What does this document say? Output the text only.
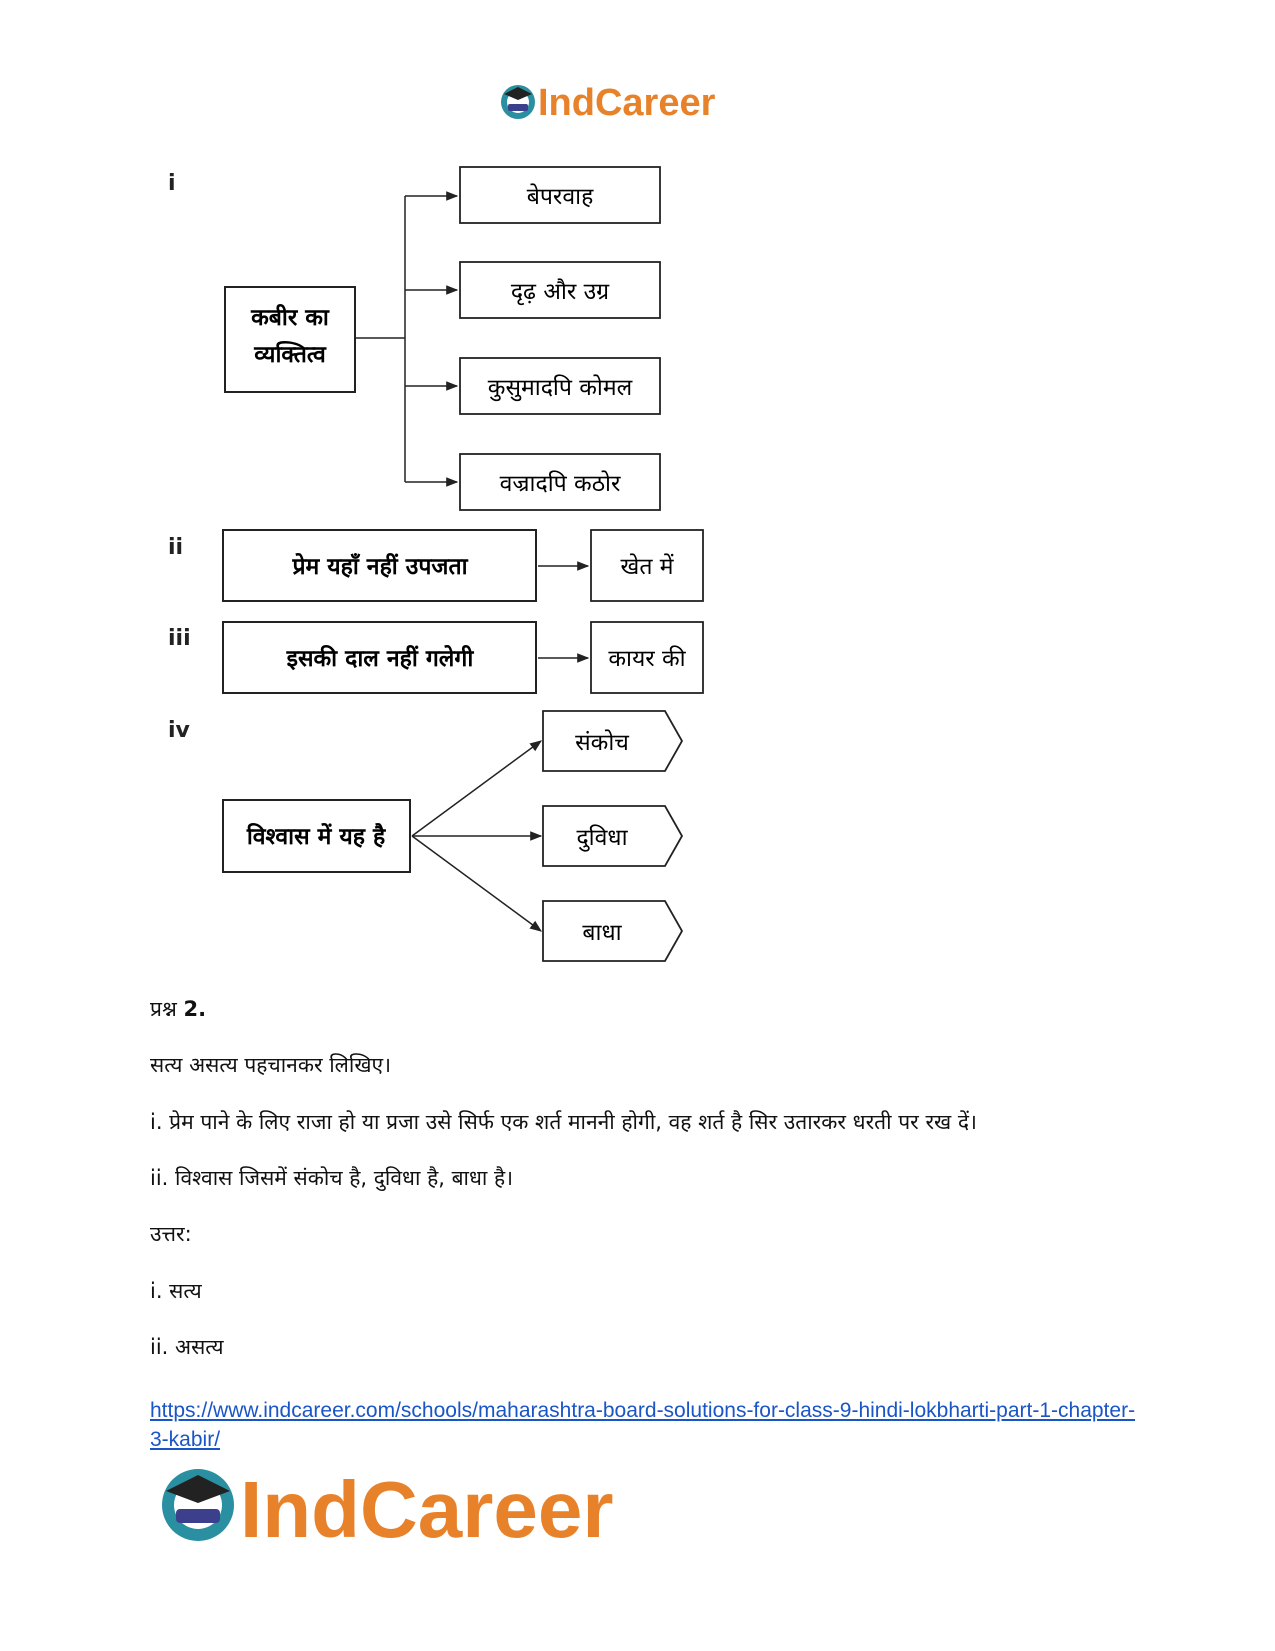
IndCareer
i
कबीर का
व्यक्तित्व
बेपरवाह
दृढ़ और उग्र
कुसुमादपि कोमल
वज्रादपि कठोर
ii
प्रेम यहाँ नहीं उपजता	खेत में
iii
इसकी दाल नहीं गलेगी	कायर की
iv
विश्वास में यह है
संकोच
दुविधा
बाधा

प्रश्न 2.

सत्य असत्य पहचानकर लिखिए।

i. प्रेम पाने के लिए राजा हो या प्रजा उसे सिर्फ एक शर्त माननी होगी, वह शर्त है सिर उतारकर धरती पर रख दें।

ii. विश्वास जिसमें संकोच है, दुविधा है, बाधा है।

उत्तर:

i. सत्य

ii. असत्य

https://www.indcareer.com/schools/maharashtra-board-solutions-for-class-9-hindi-lokbharti-part-1-chapter-3-kabir/
IndCareer
